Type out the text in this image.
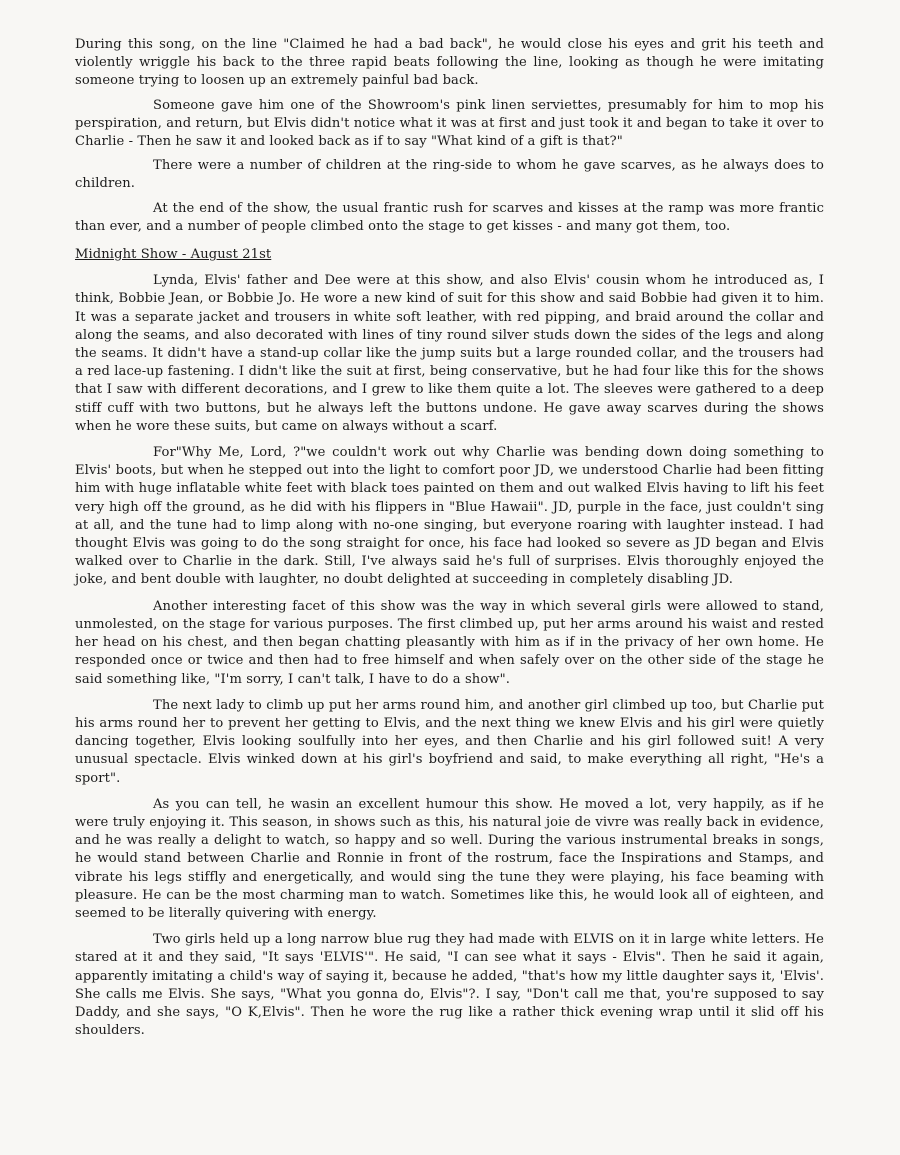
During this song, on the line "Claimed he had a bad back", he would close his eyes and grit his teeth and violently wriggle his back to the three rapid beats following the line, looking as though he were imitating someone trying to loosen up an extremely painful bad back.

Someone gave him one of the Showroom's pink linen serviettes, presumably for him to mop his perspiration, and return, but Elvis didn't notice what it was at first and just took it and began to take it over to Charlie - Then he saw it and looked back as if to say "What kind of a gift is that?"

There were a number of children at the ring-side to whom he gave scarves, as he always does to children.

At the end of the show, the usual frantic rush for scarves and kisses at the ramp was more frantic than ever, and a number of people climbed onto the stage to get kisses - and many got them, too.

Midnight Show - August 21st

Lynda, Elvis' father and Dee were at this show, and also Elvis' cousin whom he introduced as, I think, Bobbie Jean, or Bobbie Jo. He wore a new kind of suit for this show and said Bobbie had given it to him. It was a separate jacket and trousers in white soft leather, with red pipping, and braid around the collar and along the seams, and also decorated with lines of tiny round silver studs down the sides of the legs and along the seams. It didn't have a stand-up collar like the jump suits but a large rounded collar, and the trousers had a red lace-up fastening. I didn't like the suit at first, being conservative, but he had four like this for the shows that I saw with different decorations, and I grew to like them quite a lot. The sleeves were gathered to a deep stiff cuff with two buttons, but he always left the buttons undone. He gave away scarves during the shows when he wore these suits, but came on always without a scarf.

For"Why Me, Lord, ?"we couldn't work out why Charlie was bending down doing something to Elvis' boots, but when he stepped out into the light to comfort poor JD, we understood Charlie had been fitting him with huge inflatable white feet with black toes painted on them and out walked Elvis having to lift his feet very high off the ground, as he did with his flippers in "Blue Hawaii". JD, purple in the face, just couldn't sing at all, and the tune had to limp along with no-one singing, but everyone roaring with laughter instead. I had thought Elvis was going to do the song straight for once, his face had looked so severe as JD began and Elvis walked over to Charlie in the dark. Still, I've always said he's full of surprises. Elvis thoroughly enjoyed the joke, and bent double with laughter, no doubt delighted at succeeding in completely disabling JD.

Another interesting facet of this show was the way in which several girls were allowed to stand, unmolested, on the stage for various purposes. The first climbed up, put her arms around his waist and rested her head on his chest, and then began chatting pleasantly with him as if in the privacy of her own home. He responded once or twice and then had to free himself and when safely over on the other side of the stage he said something like, "I'm sorry, I can't talk, I have to do a show".

The next lady to climb up put her arms round him, and another girl climbed up too, but Charlie put his arms round her to prevent her getting to Elvis, and the next thing we knew Elvis and his girl were quietly dancing together, Elvis looking soulfully into her eyes, and then Charlie and his girl followed suit! A very unusual spectacle. Elvis winked down at his girl's boyfriend and said, to make everything all right, "He's a sport".

As you can tell, he wasin an excellent humour this show. He moved a lot, very happily, as if he were truly enjoying it. This season, in shows such as this, his natural joie de vivre was really back in evidence, and he was really a delight to watch, so happy and so well. During the various instrumental breaks in songs, he would stand between Charlie and Ronnie in front of the rostrum, face the Inspirations and Stamps, and vibrate his legs stiffly and energetically, and would sing the tune they were playing, his face beaming with pleasure. He can be the most charming man to watch. Sometimes like this, he would look all of eighteen, and seemed to be literally quivering with energy.

Two girls held up a long narrow blue rug they had made with ELVIS on it in large white letters. He stared at it and they said, "It says 'ELVIS'". He said, "I can see what it says - Elvis". Then he said it again, apparently imitating a child's way of saying it, because he added, "that's how my little daughter says it, 'Elvis'. She calls me Elvis. She says, "What you gonna do, Elvis"?. I say, "Don't call me that, you're supposed to say Daddy, and she says, "O K,Elvis". Then he wore the rug like a rather thick evening wrap until it slid off his shoulders.
